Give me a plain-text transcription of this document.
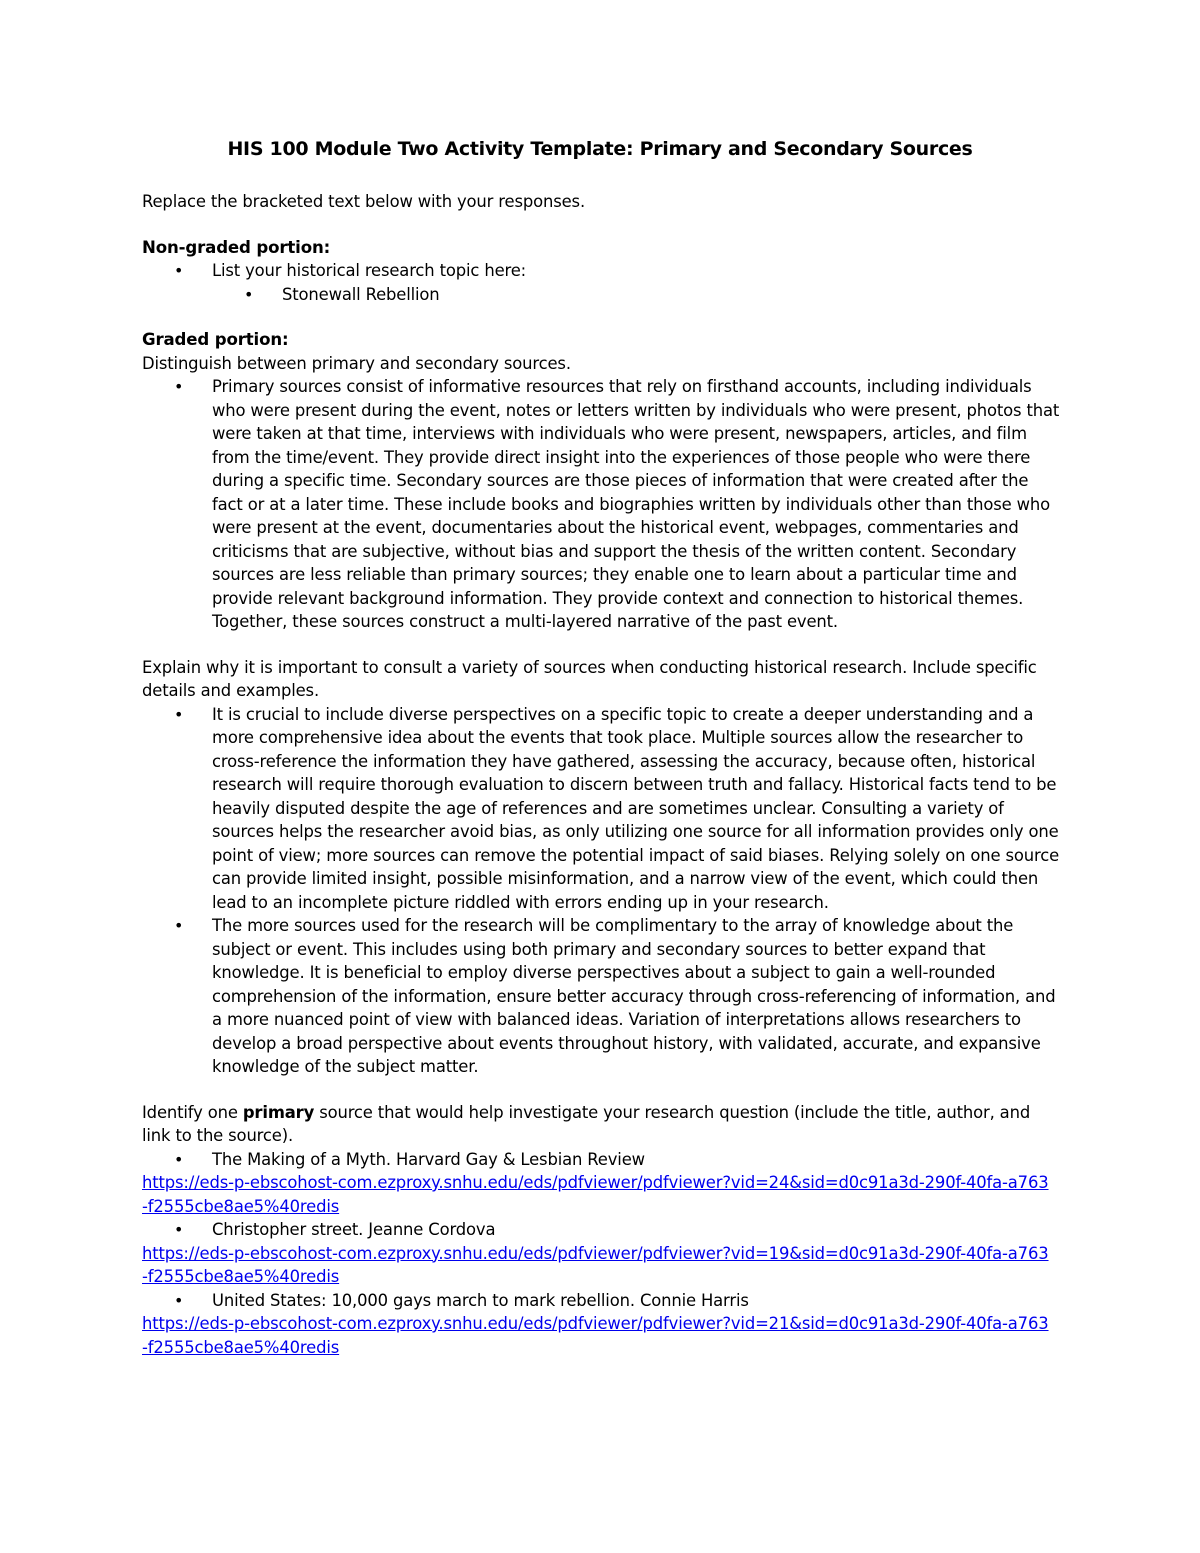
HIS 100 Module Two Activity Template: Primary and Secondary Sources

Replace the bracketed text below with your responses.

Non-graded portion:

• List your historical research topic here:
• Stonewall Rebellion

Graded portion:

Distinguish between primary and secondary sources.

• Primary sources consist of informative resources that rely on firsthand accounts, including individuals who were present during the event, notes or letters written by individuals who were present, photos that were taken at that time, interviews with individuals who were present, newspapers, articles, and film from the time/event. They provide direct insight into the experiences of those people who were there during a specific time. Secondary sources are those pieces of information that were created after the fact or at a later time. These include books and biographies written by individuals other than those who were present at the event, documentaries about the historical event, webpages, commentaries and criticisms that are subjective, without bias and support the thesis of the written content. Secondary sources are less reliable than primary sources; they enable one to learn about a particular time and provide relevant background information. They provide context and connection to historical themes. Together, these sources construct a multi-layered narrative of the past event.

Explain why it is important to consult a variety of sources when conducting historical research. Include specific details and examples.

• It is crucial to include diverse perspectives on a specific topic to create a deeper understanding and a more comprehensive idea about the events that took place. Multiple sources allow the researcher to cross-reference the information they have gathered, assessing the accuracy, because often, historical research will require thorough evaluation to discern between truth and fallacy. Historical facts tend to be heavily disputed despite the age of references and are sometimes unclear. Consulting a variety of sources helps the researcher avoid bias, as only utilizing one source for all information provides only one point of view; more sources can remove the potential impact of said biases. Relying solely on one source can provide limited insight, possible misinformation, and a narrow view of the event, which could then lead to an incomplete picture riddled with errors ending up in your research.
• The more sources used for the research will be complimentary to the array of knowledge about the subject or event. This includes using both primary and secondary sources to better expand that knowledge. It is beneficial to employ diverse perspectives about a subject to gain a well-rounded comprehension of the information, ensure better accuracy through cross-referencing of information, and a more nuanced point of view with balanced ideas. Variation of interpretations allows researchers to develop a broad perspective about events throughout history, with validated, accurate, and expansive knowledge of the subject matter.

Identify one primary source that would help investigate your research question (include the title, author, and link to the source).

• The Making of a Myth. Harvard Gay & Lesbian Review
https://eds-p-ebscohost-com.ezproxy.snhu.edu/eds/pdfviewer/pdfviewer?vid=24&sid=d0c91a3d-290f-40fa-a763-f2555cbe8ae5%40redis
• Christopher street. Jeanne Cordova
https://eds-p-ebscohost-com.ezproxy.snhu.edu/eds/pdfviewer/pdfviewer?vid=19&sid=d0c91a3d-290f-40fa-a763-f2555cbe8ae5%40redis
• United States: 10,000 gays march to mark rebellion. Connie Harris
https://eds-p-ebscohost-com.ezproxy.snhu.edu/eds/pdfviewer/pdfviewer?vid=21&sid=d0c91a3d-290f-40fa-a763-f2555cbe8ae5%40redis
